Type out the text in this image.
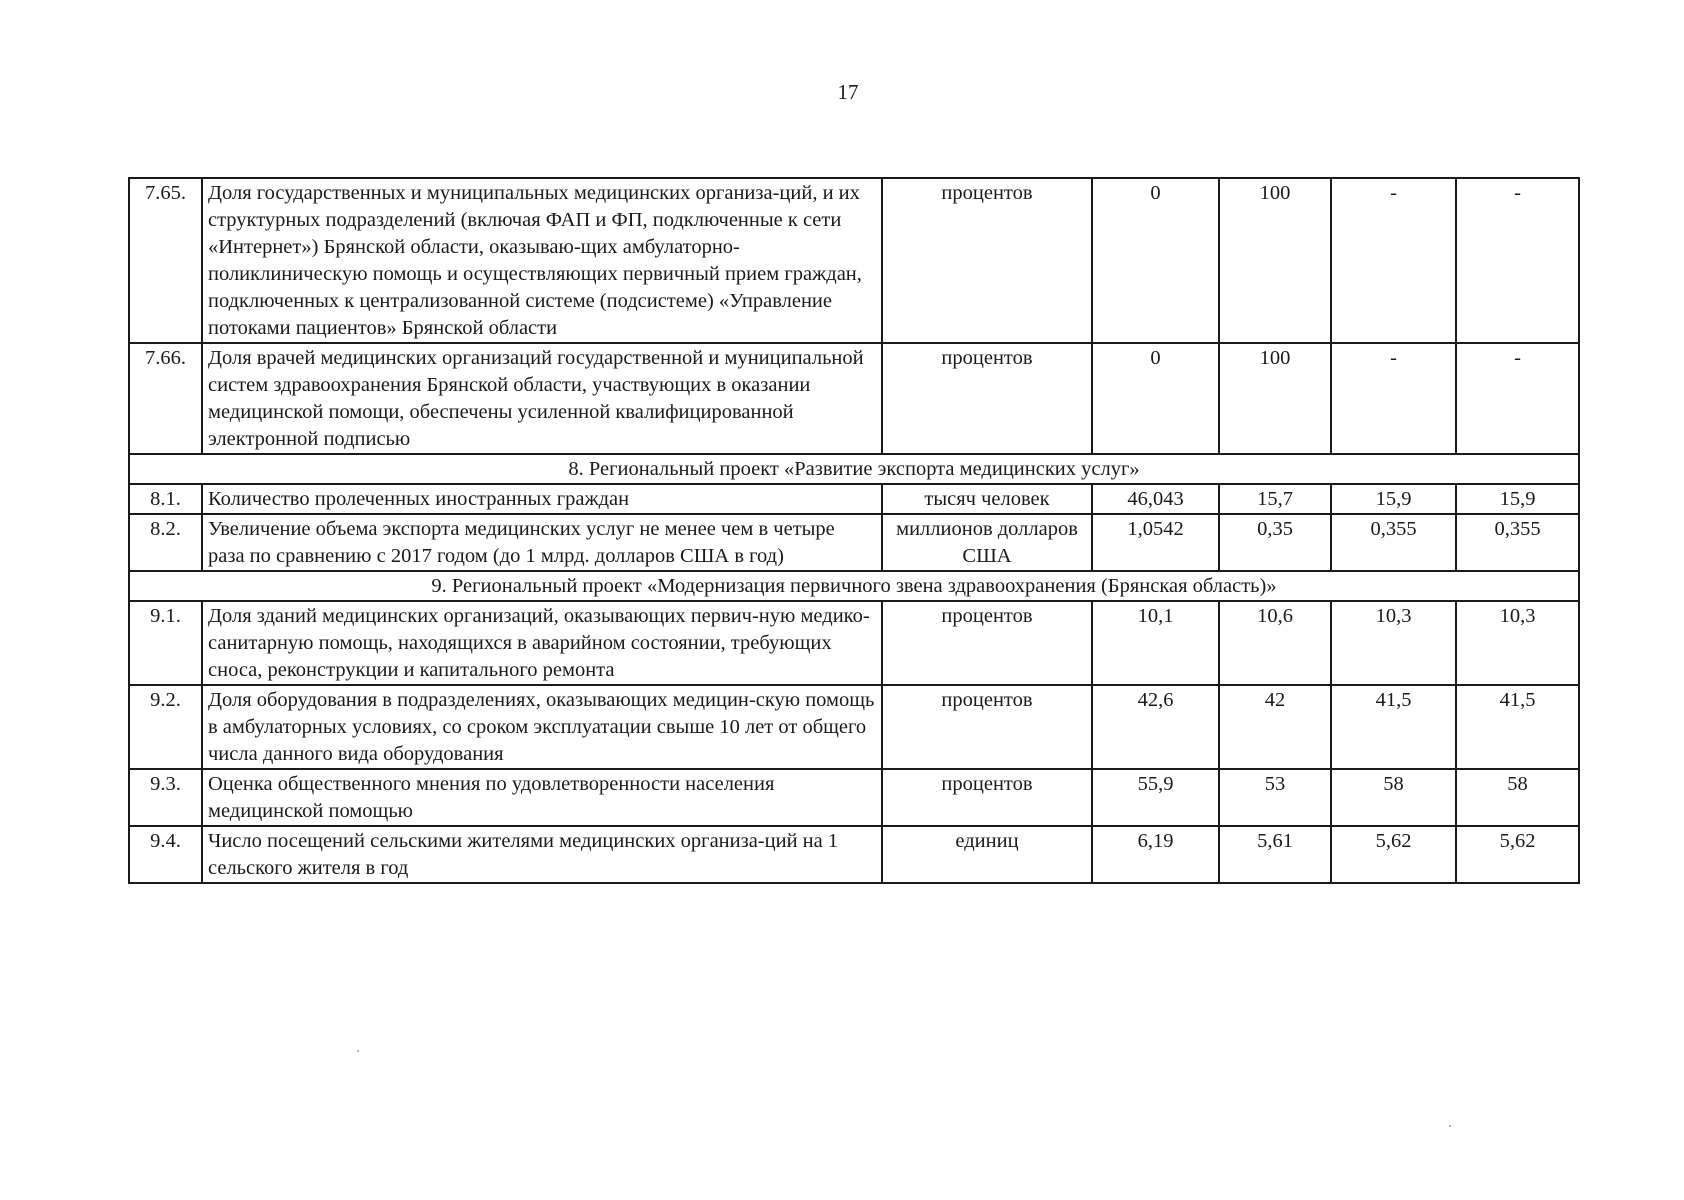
17
7.65.	Доля государственных и муниципальных медицинских организа-ций, и их структурных подразделений (включая ФАП и ФП, подключенные к сети «Интернет») Брянской области, оказываю-щих амбулаторно-поликлиническую помощь и осуществляющих первичный прием граждан, подключенных к централизованной системе (подсистеме) «Управление потоками пациентов» Брянской области	процентов	0	100	-	-
7.66.	Доля врачей медицинских организаций государственной и муниципальной систем здравоохранения Брянской области, участвующих в оказании медицинской помощи, обеспечены усиленной квалифицированной электронной подписью	процентов	0	100	-	-
8. Региональный проект «Развитие экспорта медицинских услуг»						
8.1.	Количество пролеченных иностранных граждан	тысяч человек	46,043	15,7	15,9	15,9
8.2.	Увеличение объема экспорта медицинских услуг не менее чем в четыре раза по сравнению с 2017 годом (до 1 млрд. долларов США в год)	миллионов долларов США	1,0542	0,35	0,355	0,355
9. Региональный проект «Модернизация первичного звена здравоохранения (Брянская область)»						
9.1.	Доля зданий медицинских организаций, оказывающих первич-ную медико-санитарную помощь, находящихся в аварийном состоянии, требующих сноса, реконструкции и капитального ремонта	процентов	10,1	10,6	10,3	10,3
9.2.	Доля оборудования в подразделениях, оказывающих медицин-скую помощь в амбулаторных условиях, со сроком эксплуатации свыше 10 лет от общего числа данного вида оборудования	процентов	42,6	42	41,5	41,5
9.3.	Оценка общественного мнения по удовлетворенности населения медицинской помощью	процентов	55,9	53	58	58
9.4.	Число посещений сельскими жителями медицинских организа-ций на 1 сельского жителя в год	единиц	6,19	5,61	5,62	5,62
